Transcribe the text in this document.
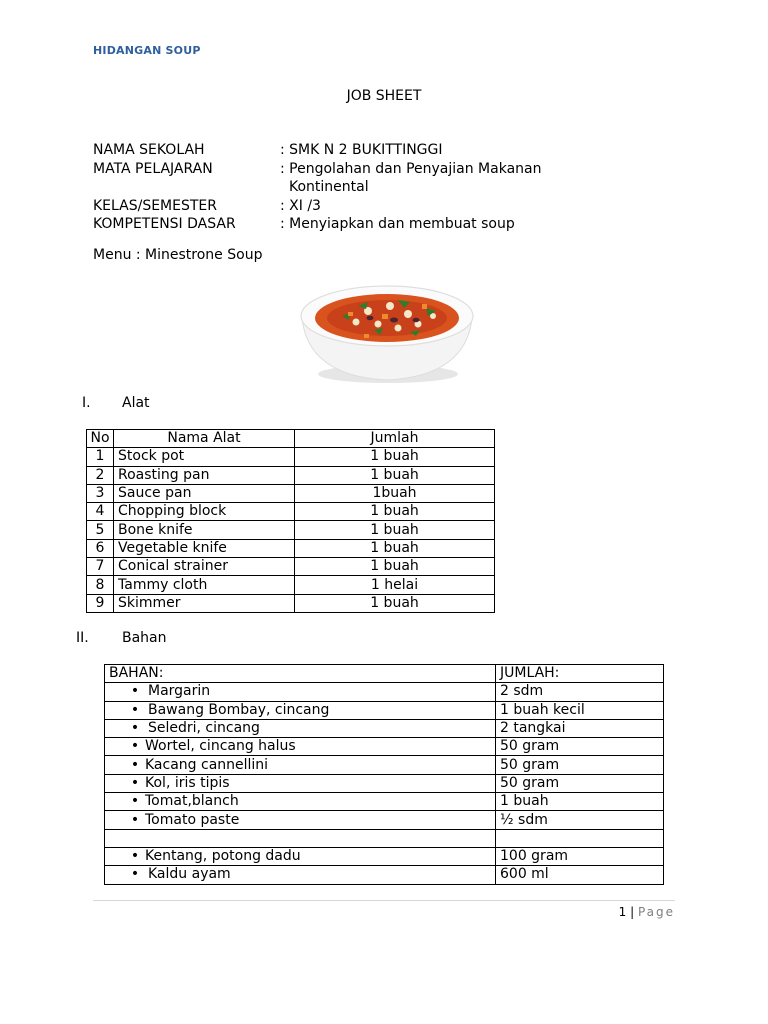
HIDANGAN SOUP
JOB SHEET
NAMA SEKOLAH	: SMK N 2 BUKITTINGGI
MATA PELAJARAN	: Pengolahan dan Penyajian Makanan
Kontinental
KELAS/SEMESTER	: XI /3
KOMPETENSI DASAR	: Menyiapkan dan membuat soup
Menu : Minestrone Soup
I.	Alat
No	Nama Alat	Jumlah
1	Stock pot	1 buah
2	Roasting pan	1 buah
3	Sauce pan	1buah
4	Chopping block	1 buah
5	Bone knife	1 buah
6	Vegetable knife	1 buah
7	Conical strainer	1 buah
8	Tammy cloth	1 helai
9	Skimmer	1 buah
II.	Bahan
BAHAN:	JUMLAH:
• Margarin	2 sdm
• Bawang Bombay, cincang	1 buah kecil
• Seledri, cincang	2 tangkai
• Wortel, cincang halus	50 gram
• Kacang cannellini	50 gram
• Kol, iris tipis	50 gram
• Tomat,blanch	1 buah
• Tomato paste	½ sdm

• Kentang, potong dadu	100 gram
• Kaldu ayam	600 ml
1 | Page
